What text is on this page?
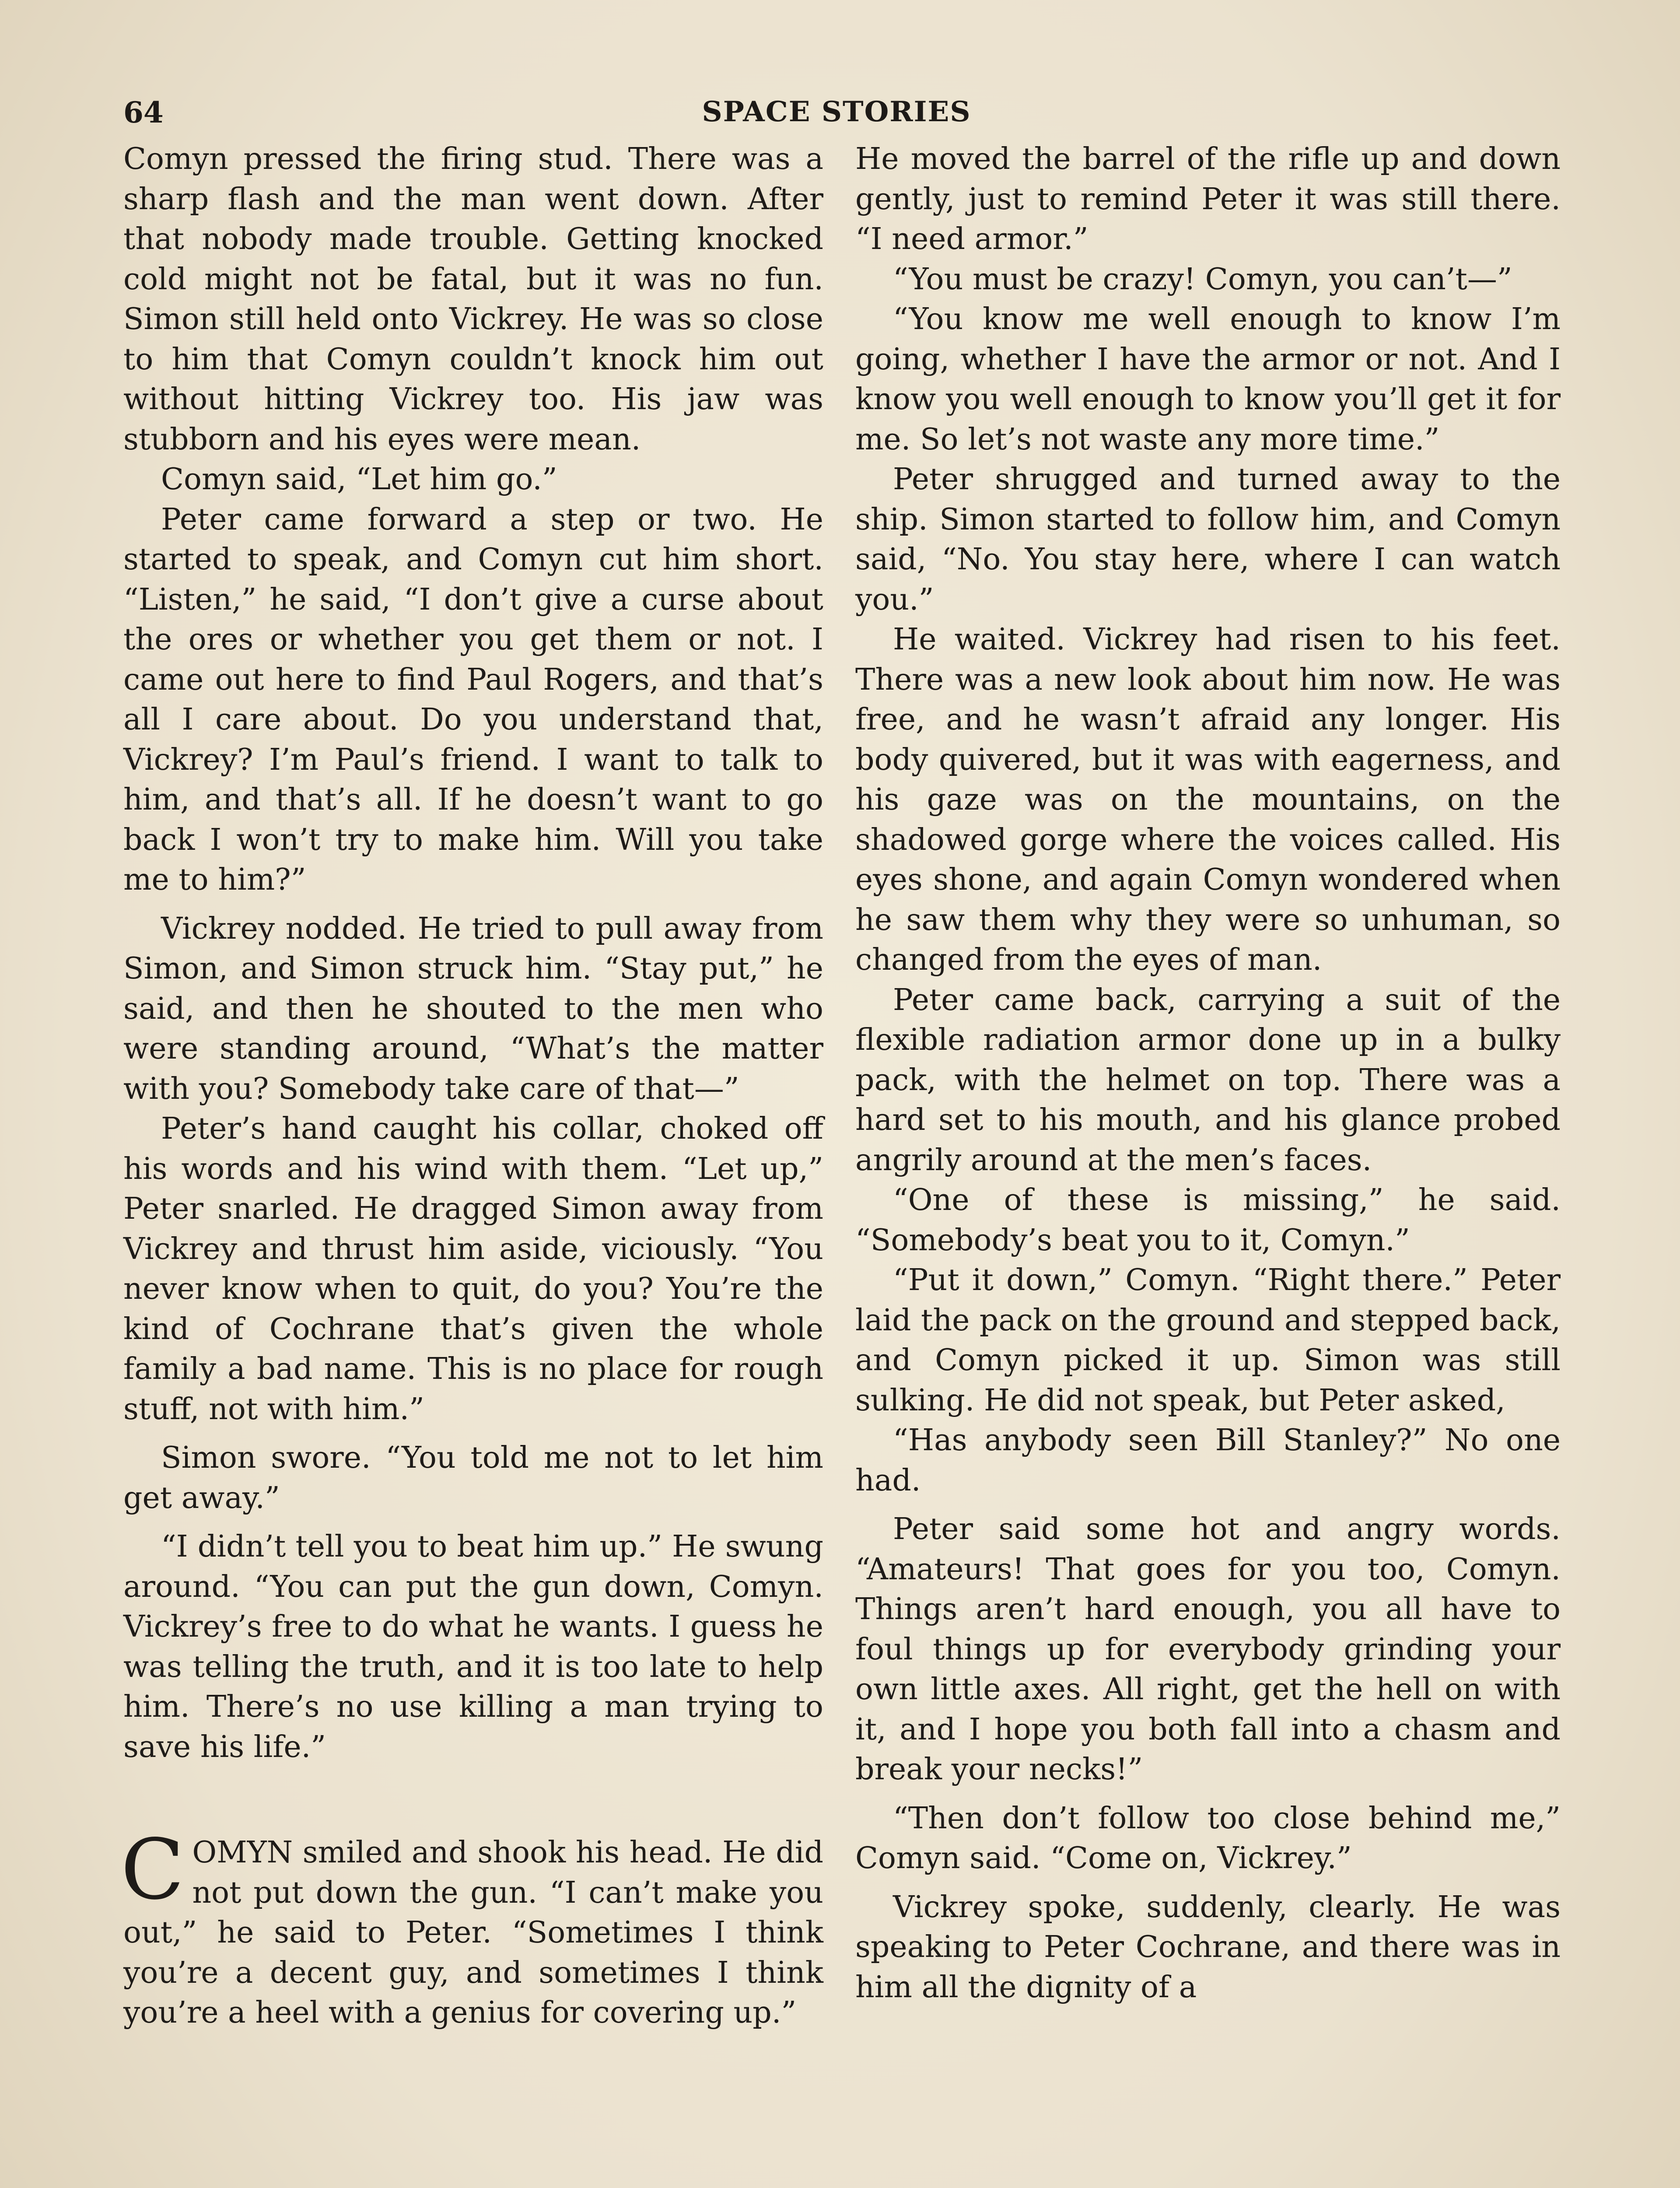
64	SPACE STORIES

Comyn pressed the firing stud. There was a sharp flash and the man went down. After that nobody made trouble. Getting knocked cold might not be fatal, but it was no fun. Simon still held onto Vickrey. He was so close to him that Comyn couldn’t knock him out without hitting Vickrey too. His jaw was stubborn and his eyes were mean.

Comyn said, “Let him go.”

Peter came forward a step or two. He started to speak, and Comyn cut him short. “Listen,” he said, “I don’t give a curse about the ores or whether you get them or not. I came out here to find Paul Rogers, and that’s all I care about. Do you understand that, Vickrey? I’m Paul’s friend. I want to talk to him, and that’s all. If he doesn’t want to go back I won’t try to make him. Will you take me to him?”

Vickrey nodded. He tried to pull away from Simon, and Simon struck him. “Stay put,” he said, and then he shouted to the men who were standing around, “What’s the matter with you? Somebody take care of that—”

Peter’s hand caught his collar, choked off his words and his wind with them. “Let up,” Peter snarled. He dragged Simon away from Vickrey and thrust him aside, viciously. “You never know when to quit, do you? You’re the kind of Cochrane that’s given the whole family a bad name. This is no place for rough stuff, not with him.”

Simon swore. “You told me not to let him get away.”

“I didn’t tell you to beat him up.” He swung around. “You can put the gun down, Comyn. Vickrey’s free to do what he wants. I guess he was telling the truth, and it is too late to help him. There’s no use killing a man trying to save his life.”

COMYN smiled and shook his head. He did not put down the gun. “I can’t make you out,” he said to Peter. “Sometimes I think you’re a decent guy, and sometimes I think you’re a heel with a genius for covering up.”

He moved the barrel of the rifle up and down gently, just to remind Peter it was still there. “I need armor.”

“You must be crazy! Comyn, you can’t—”

“You know me well enough to know I’m going, whether I have the armor or not. And I know you well enough to know you’ll get it for me. So let’s not waste any more time.”

Peter shrugged and turned away to the ship. Simon started to follow him, and Comyn said, “No. You stay here, where I can watch you.”

He waited. Vickrey had risen to his feet. There was a new look about him now. He was free, and he wasn’t afraid any longer. His body quivered, but it was with eagerness, and his gaze was on the mountains, on the shadowed gorge where the voices called. His eyes shone, and again Comyn wondered when he saw them why they were so unhuman, so changed from the eyes of man.

Peter came back, carrying a suit of the flexible radiation armor done up in a bulky pack, with the helmet on top. There was a hard set to his mouth, and his glance probed angrily around at the men’s faces.

“One of these is missing,” he said. “Somebody’s beat you to it, Comyn.”

“Put it down,” Comyn. “Right there.” Peter laid the pack on the ground and stepped back, and Comyn picked it up. Simon was still sulking. He did not speak, but Peter asked,

“Has anybody seen Bill Stanley?” No one had.

Peter said some hot and angry words. “Amateurs! That goes for you too, Comyn. Things aren’t hard enough, you all have to foul things up for everybody grinding your own little axes. All right, get the hell on with it, and I hope you both fall into a chasm and break your necks!”

“Then don’t follow too close behind me,” Comyn said. “Come on, Vickrey.”

Vickrey spoke, suddenly, clearly. He was speaking to Peter Cochrane, and there was in him all the dignity of a
